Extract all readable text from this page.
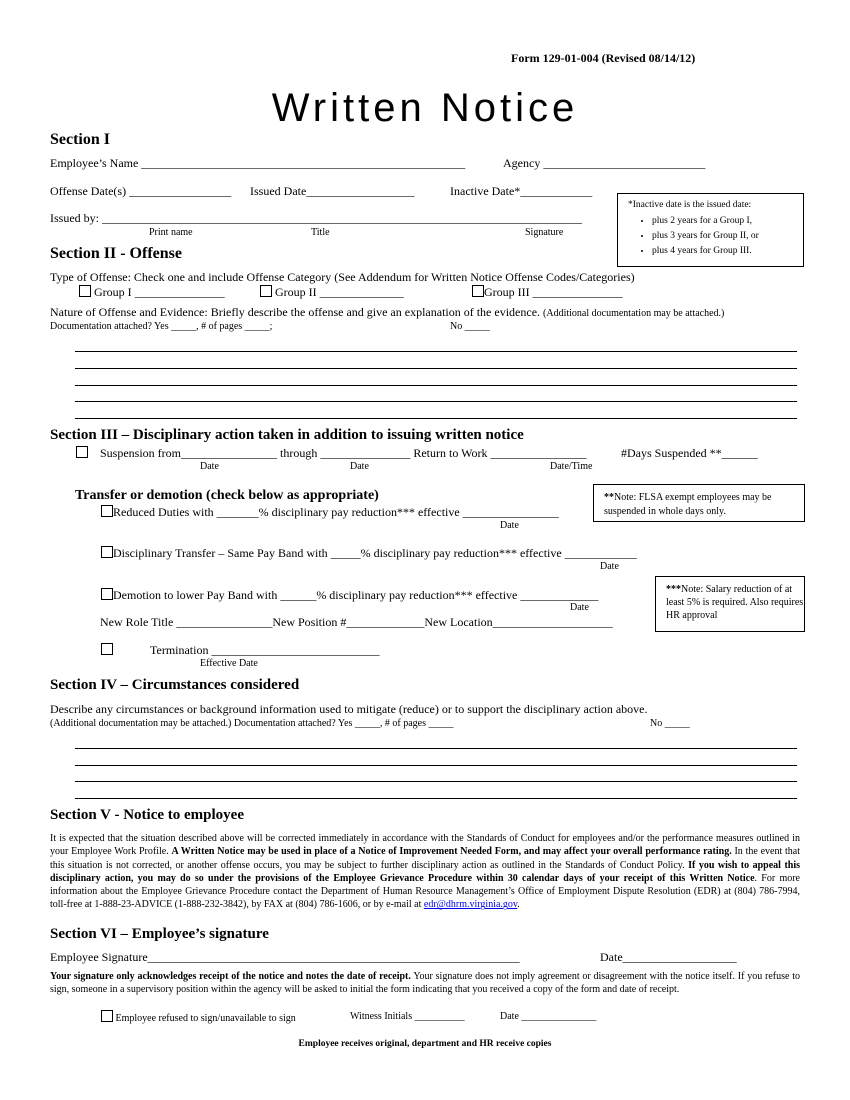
Form 129-01-004 (Revised 08/14/12)
Written Notice
Section I
Employee’s Name ______________________________________________________	Agency ___________________________
Offense Date(s) _________________ Issued Date__________________	Inactive Date*____________
Issued by: ________________________________________________________________________________
Print name	Title	Signature
*Inactive date is the issued date:
• plus 2 years for a Group I,
• plus 3 years for Group II, or
• plus 4 years for Group III.
Section II - Offense
Type of Offense: Check one and include Offense Category (See Addendum for Written Notice Offense Codes/Categories)
Group I _______________	Group II ______________	Group III _______________
Nature of Offense and Evidence: Briefly describe the offense and give an explanation of the evidence. (Additional documentation may be attached.)
Documentation attached? Yes _____, # of pages _____;	No _____
Section III – Disciplinary action taken in addition to issuing written notice
Suspension from________________ through _______________ Return to Work ________________	#Days Suspended **______
Date	Date	Date/Time
Transfer or demotion (check below as appropriate)	**Note: FLSA exempt employees may be suspended in whole days only.
Reduced Duties with _______% disciplinary pay reduction*** effective ________________
Date
Disciplinary Transfer – Same Pay Band with _____% disciplinary pay reduction*** effective ____________
Date
***Note: Salary reduction of at least 5% is required. Also requires HR approval
Demotion to lower Pay Band with ______% disciplinary pay reduction*** effective _____________
Date
New Role Title ________________New Position #_____________New Location____________________
Termination ____________________________
Effective Date
Section IV – Circumstances considered
Describe any circumstances or background information used to mitigate (reduce) or to support the disciplinary action above.
(Additional documentation may be attached.) Documentation attached? Yes _____, # of pages _____	No _____
Section V - Notice to employee
It is expected that the situation described above will be corrected immediately in accordance with the Standards of Conduct for employees and/or the performance measures outlined in your Employee Work Profile. A Written Notice may be used in place of a Notice of Improvement Needed Form, and may affect your overall performance rating. In the event that this situation is not corrected, or another offense occurs, you may be subject to further disciplinary action as outlined in the Standards of Conduct Policy. If you wish to appeal this disciplinary action, you may do so under the provisions of the Employee Grievance Procedure within 30 calendar days of your receipt of this Written Notice. For more information about the Employee Grievance Procedure contact the Department of Human Resource Management’s Office of Employment Dispute Resolution (EDR) at (804) 786-7994, toll-free at 1-888-23-ADVICE (1-888-232-3842), by FAX at (804) 786-1606, or by e-mail at edr@dhrm.virginia.gov.
Section VI – Employee’s signature
Employee Signature______________________________________________________________	Date___________________
Your signature only acknowledges receipt of the notice and notes the date of receipt. Your signature does not imply agreement or disagreement with the notice itself. If you refuse to sign, someone in a supervisory position within the agency will be asked to initial the form indicating that you received a copy of the form and date of receipt.
Employee refused to sign/unavailable to sign	Witness Initials __________	Date _______________
Employee receives original, department and HR receive copies
